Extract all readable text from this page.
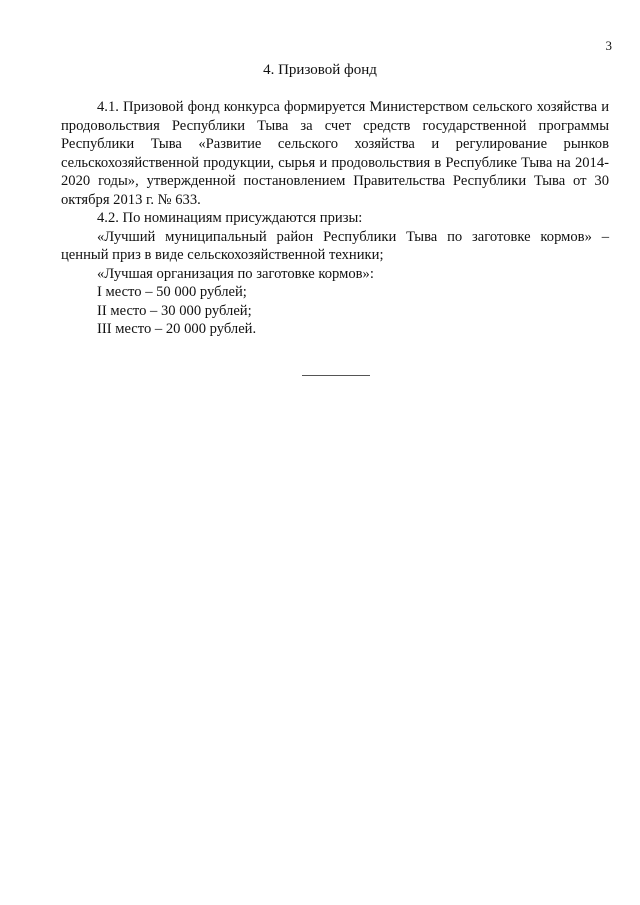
3
4. Призовой фонд

4.1. Призовой фонд конкурса формируется Министерством сельского хозяйства и продовольствия Республики Тыва за счет средств государственной программы Республики Тыва «Развитие сельского хозяйства и регулирование рынков сельскохозяйственной продукции, сырья и продовольствия в Республике Тыва на 2014- 2020 годы», утвержденной постановлением Правительства Республики Тыва от 30 октября 2013 г. № 633.

4.2. По номинациям присуждаются призы:

«Лучший муниципальный район Республики Тыва по заготовке кормов» – ценный приз в виде сельскохозяйственной техники;

«Лучшая организация по заготовке кормов»:

I место – 50 000 рублей;

II место – 30 000 рублей;

III место – 20 000 рублей.
